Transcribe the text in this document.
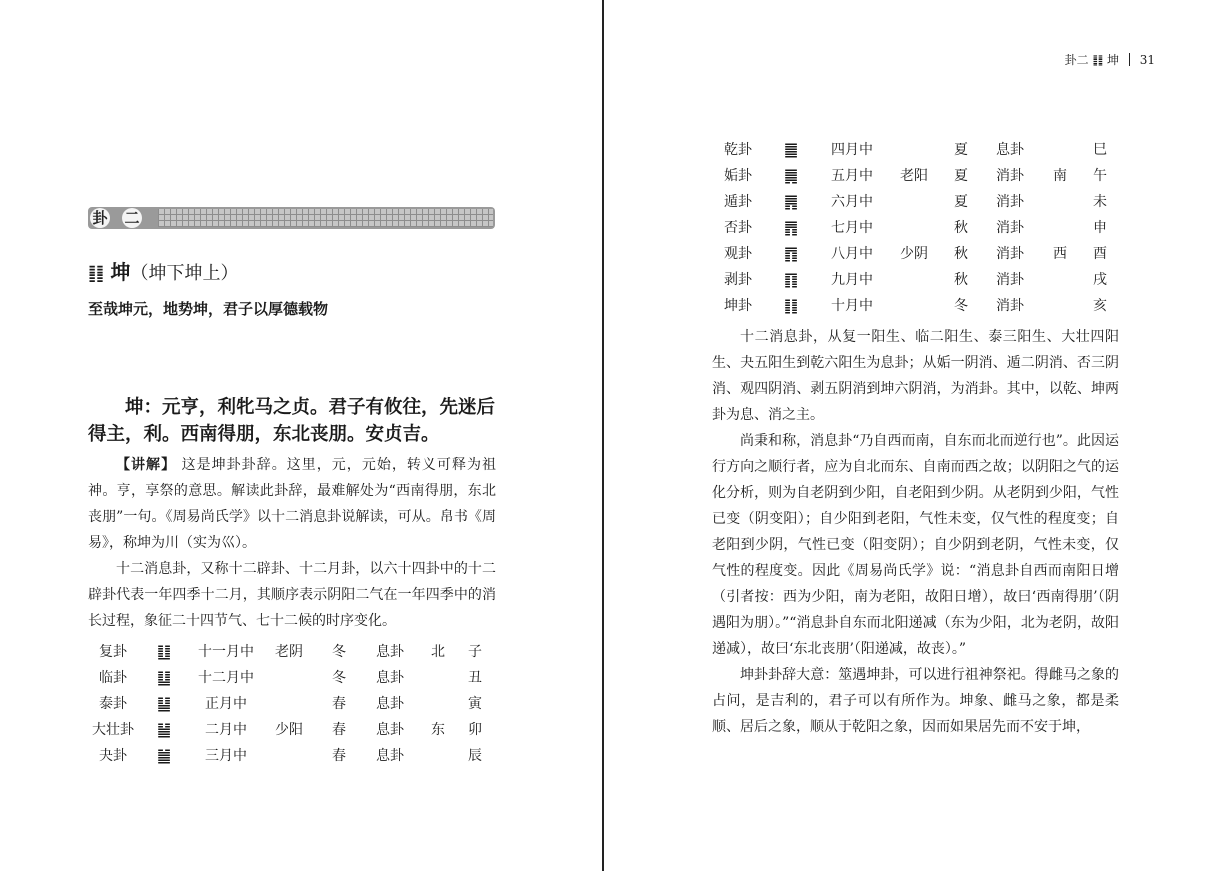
卦 二
䷁ 坤（坤下坤上）
至哉坤元，地势坤，君子以厚德载物

坤：元亨，利牝马之贞。君子有攸往，先迷后得主，利。西南得朋，东北丧朋。安贞吉。

【讲解】 这是坤卦卦辞。这里，元，元始，转义可释为祖神。亨，享祭的意思。解读此卦辞，最难解处为“西南得朋，东北丧朋”一句。《周易尚氏学》以十二消息卦说解读，可从。帛书《周易》，称坤为川（实为巛）。

十二消息卦，又称十二辟卦、十二月卦，以六十四卦中的十二辟卦代表一年四季十二月，其顺序表示阴阳二气在一年四季中的消长过程，象征二十四节气、七十二候的时序变化。

复卦	䷗	十一月中	老阴	冬	息卦	北	子
临卦	䷒	十二月中		冬	息卦		丑
泰卦	䷊	正月中		春	息卦		寅
大壮卦	䷡	二月中	少阳	春	息卦	东	卯
夬卦	䷪	三月中		春	息卦		辰
卦二 ䷁ 坤 31
乾卦	䷀	四月中		夏	息卦		巳
姤卦	䷫	五月中	老阳	夏	消卦	南	午
遁卦	䷠	六月中		夏	消卦		未
否卦	䷋	七月中		秋	消卦		申
观卦	䷓	八月中	少阴	秋	消卦	西	酉
剥卦	䷖	九月中		秋	消卦		戌
坤卦	䷁	十月中		冬	消卦		亥

十二消息卦，从复一阳生、临二阳生、泰三阳生、大壮四阳生、夬五阳生到乾六阳生为息卦；从姤一阴消、遁二阴消、否三阴消、观四阴消、剥五阴消到坤六阴消，为消卦。其中，以乾、坤两卦为息、消之主。

尚秉和称，消息卦“乃自西而南，自东而北而逆行也”。此因运行方向之顺行者，应为自北而东、自南而西之故；以阴阳之气的运化分析，则为自老阴到少阳，自老阳到少阴。从老阴到少阳，气性已变（阴变阳）；自少阳到老阳，气性未变，仅气性的程度变；自老阳到少阴，气性已变（阳变阴）；自少阴到老阴，气性未变，仅气性的程度变。因此《周易尚氏学》说：“消息卦自西而南阳日增（引者按：西为少阳，南为老阳，故阳日增），故曰‘西南得朋’（阴遇阳为朋）。”“消息卦自东而北阳递减（东为少阳，北为老阴，故阳递减），故曰‘东北丧朋’（阳递减，故丧）。”

坤卦卦辞大意：筮遇坤卦，可以进行祖神祭祀。得雌马之象的占问，是吉利的，君子可以有所作为。坤象、雌马之象，都是柔顺、居后之象，顺从于乾阳之象，因而如果居先而不安于坤，
